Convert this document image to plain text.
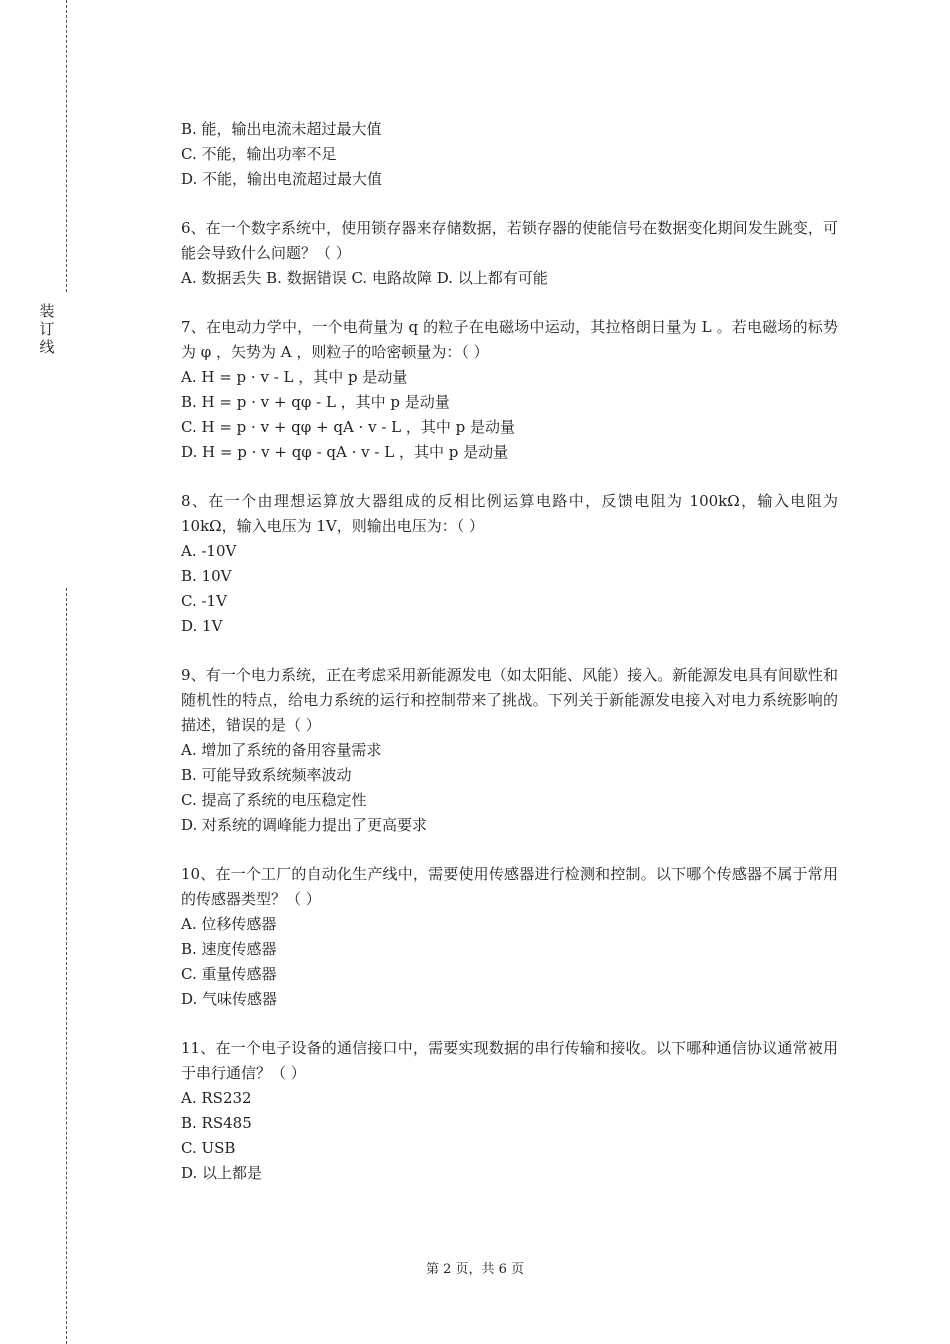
装订线
B. 能，输出电流未超过最大值
C. 不能，输出功率不足
D. 不能，输出电流超过最大值
6、在一个数字系统中，使用锁存器来存储数据，若锁存器的使能信号在数据变化期间发生跳变，可能会导致什么问题？（ ）
A. 数据丢失 B. 数据错误 C. 电路故障 D. 以上都有可能
7、在电动力学中，一个电荷量为 q 的粒子在电磁场中运动，其拉格朗日量为 L 。若电磁场的标势为 φ ，矢势为 A ，则粒子的哈密顿量为：（ ）
A. H = p · v - L ，其中 p 是动量
B. H = p · v + qφ - L ，其中 p 是动量
C. H = p · v + qφ + qA · v - L ，其中 p 是动量
D. H = p · v + qφ - qA · v - L ，其中 p 是动量
8、在一个由理想运算放大器组成的反相比例运算电路中，反馈电阻为 100kΩ，输入电阻为 10kΩ，输入电压为 1V，则输出电压为：（ ）
A. -10V
B. 10V
C. -1V
D. 1V
9、有一个电力系统，正在考虑采用新能源发电（如太阳能、风能）接入。新能源发电具有间歇性和随机性的特点，给电力系统的运行和控制带来了挑战。下列关于新能源发电接入对电力系统影响的描述，错误的是（ ）
A. 增加了系统的备用容量需求
B. 可能导致系统频率波动
C. 提高了系统的电压稳定性
D. 对系统的调峰能力提出了更高要求
10、在一个工厂的自动化生产线中，需要使用传感器进行检测和控制。以下哪个传感器不属于常用的传感器类型？（ ）
A. 位移传感器
B. 速度传感器
C. 重量传感器
D. 气味传感器
11、在一个电子设备的通信接口中，需要实现数据的串行传输和接收。以下哪种通信协议通常被用于串行通信？（ ）
A. RS232
B. RS485
C. USB
D. 以上都是
第 2 页，共 6 页
